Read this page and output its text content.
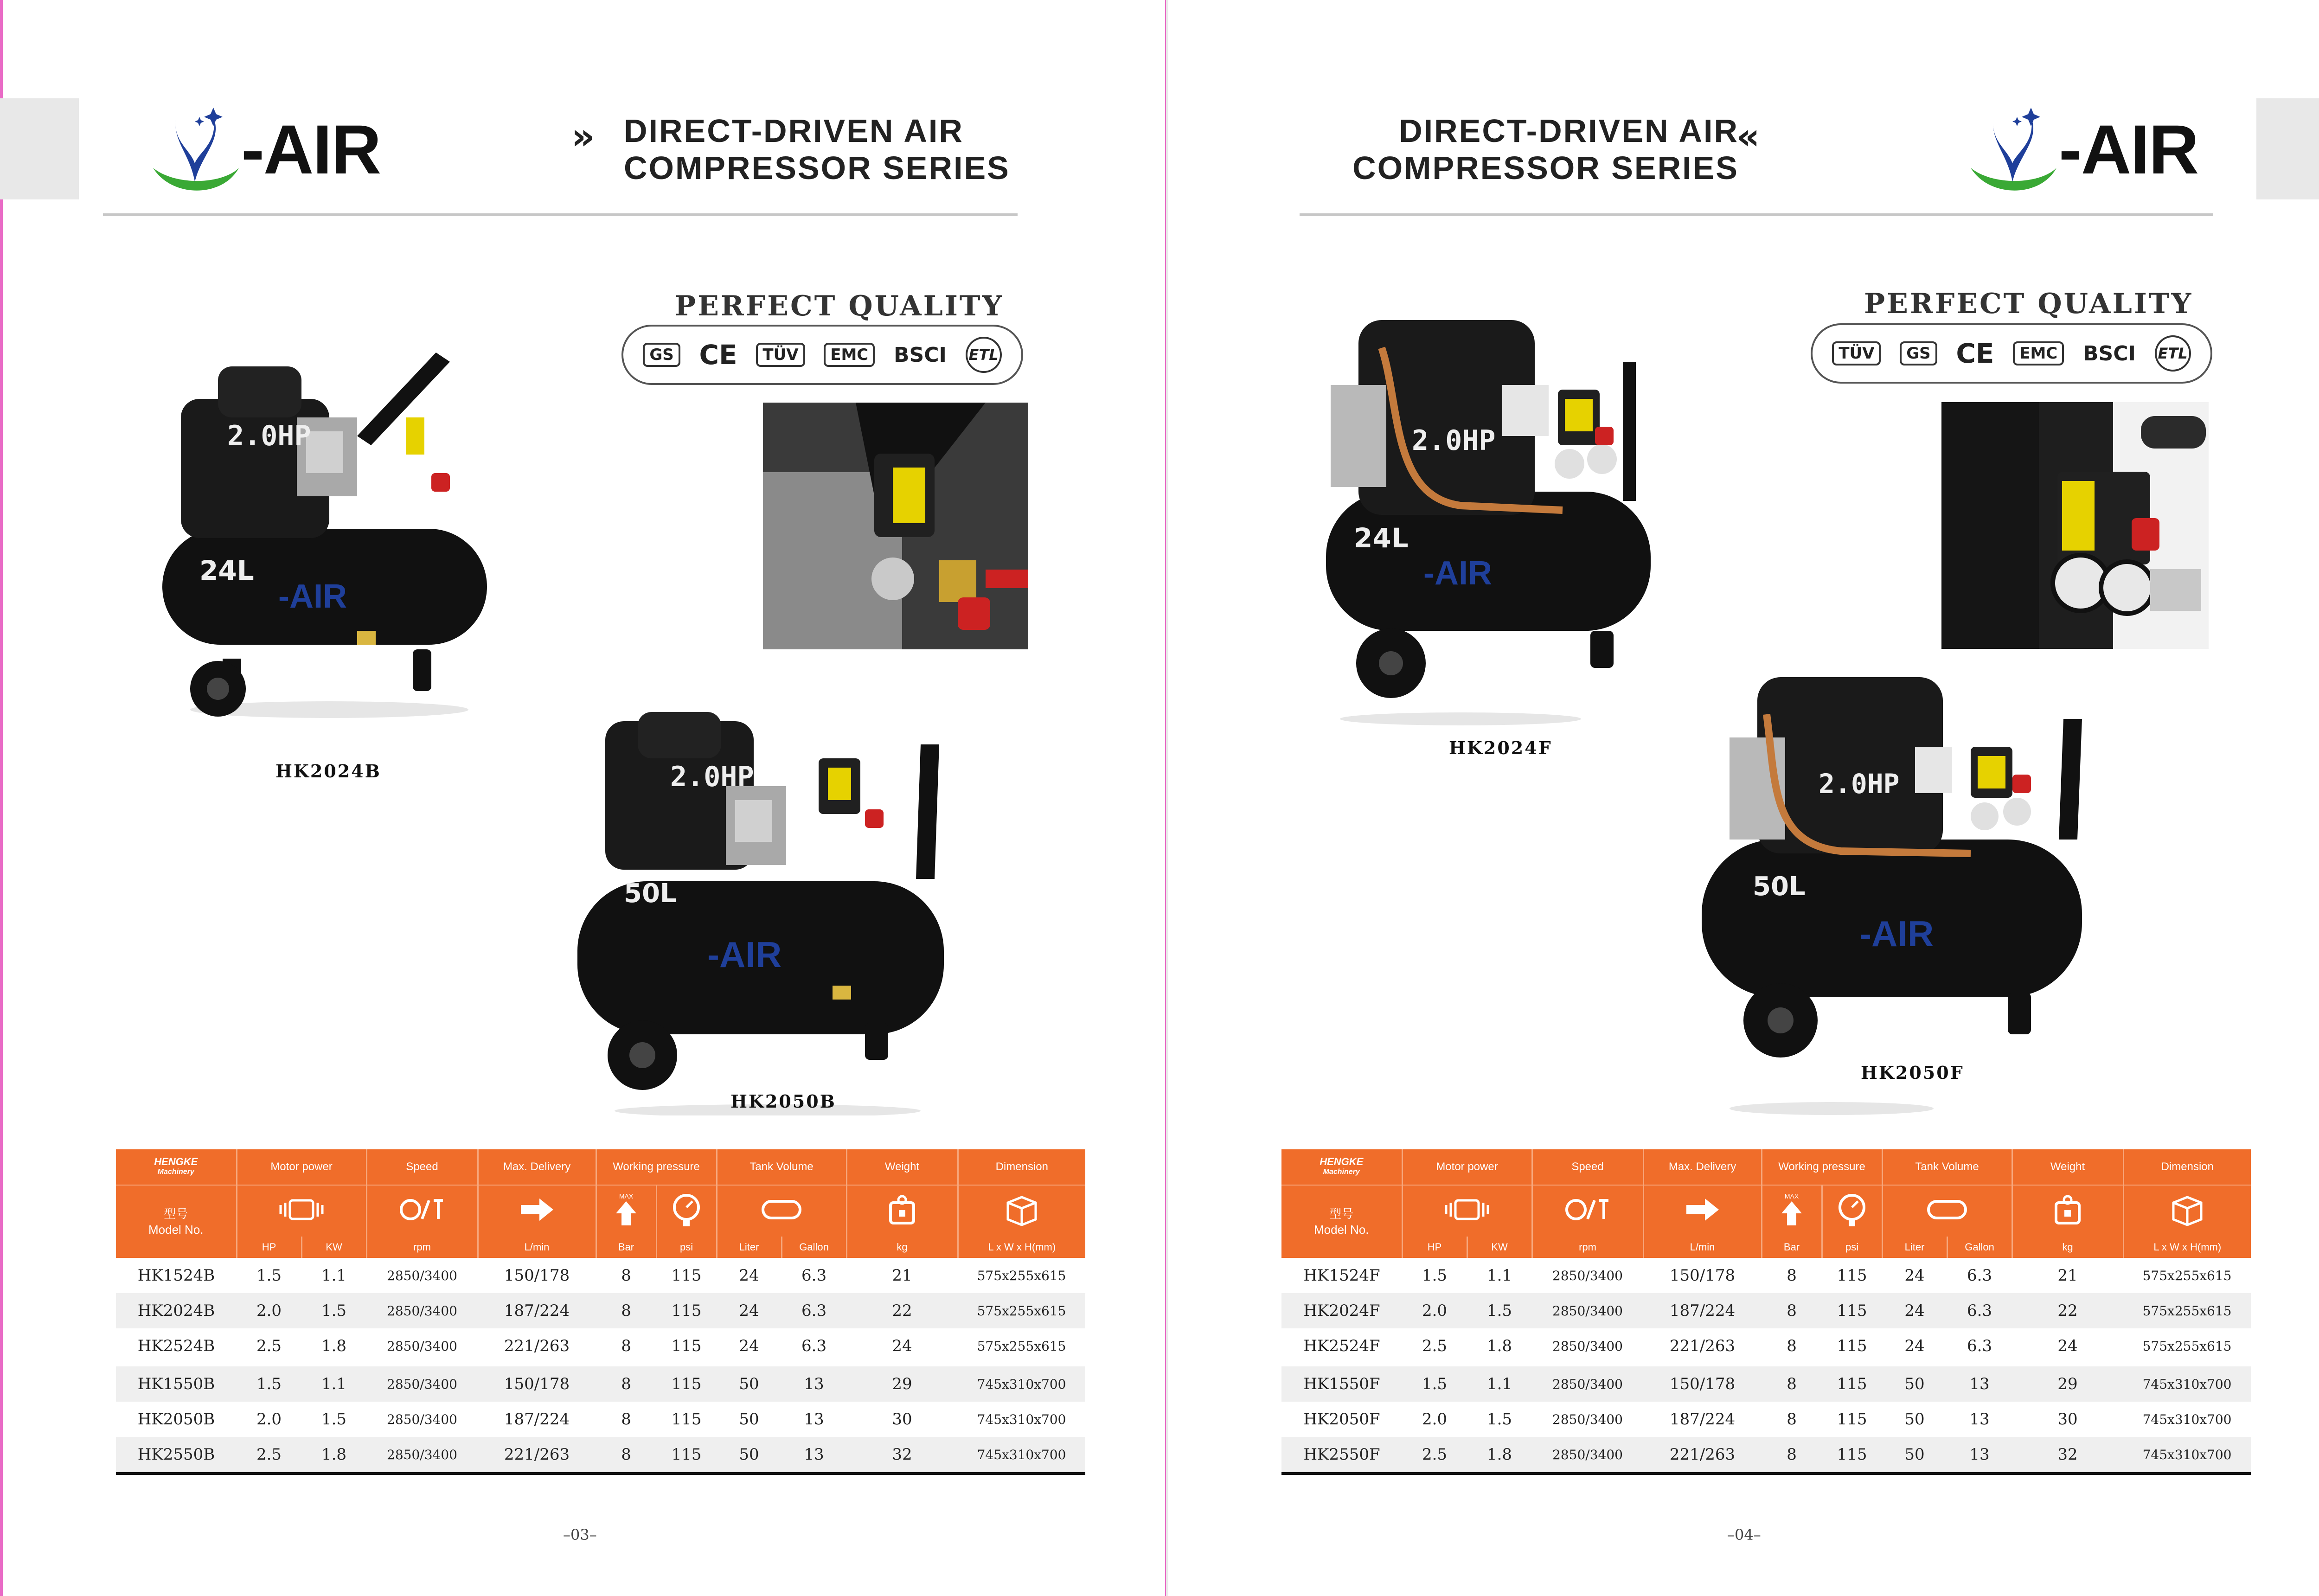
-AIR	» DIRECT-DRIVEN AIR
COMPRESSOR SERIES
PERFECT QUALITY
GS CE	TÜV	EMC	BSCI ETL
2.0HP
24L
-AIR
HK2024B	2.0HP
50L
-AIR
HK2050B
HENGKE
Machinery	Motor power		Speed	Max. Delivery	Working pressure		Tank Volume		Weight	Dimension

型号
Model No.					MAX

	HP	KW	rpm	L/min	Bar	psi	Liter	Gallon	kg	L x W x H(mm)
HK1524B	1.5	1.1	2850/3400	150/178	8	115	24	6.3	21	575x255x615
HK2024B	2.0	1.5	2850/3400	187/224	8	115	24	6.3	22	575x255x615
HK2524B	2.5	1.8	2850/3400	221/263	8	115	24	6.3	24	575x255x615
HK1550B	1.5	1.1	2850/3400	150/178	8	115	50	13	29	745x310x700
HK2050B	2.0	1.5	2850/3400	187/224	8	115	50	13	30	745x310x700
HK2550B	2.5	1.8	2850/3400	221/263	8	115	50	13	32	745x310x700
–03–
DIRECT-DRIVEN AIR
COMPRESSOR SERIES
«	-AIR
PERFECT QUALITY
TÜV	GS CE	EMC	BSCI ETL
2.0HP
24L
-AIR
HK2024F
2.0HP
50L
-AIR
HK2050F
HENGKE
Machinery	Motor power		Speed	Max. Delivery	Working pressure		Tank Volume		Weight	Dimension

型号
Model No.					MAX

	HP	KW	rpm	L/min	Bar	psi	Liter	Gallon	kg	L x W x H(mm)
HK1524F	1.5	1.1	2850/3400	150/178	8	115	24	6.3	21	575x255x615
HK2024F	2.0	1.5	2850/3400	187/224	8	115	24	6.3	22	575x255x615
HK2524F	2.5	1.8	2850/3400	221/263	8	115	24	6.3	24	575x255x615
HK1550F	1.5	1.1	2850/3400	150/178	8	115	50	13	29	745x310x700
HK2050F	2.0	1.5	2850/3400	187/224	8	115	50	13	30	745x310x700
HK2550F	2.5	1.8	2850/3400	221/263	8	115	50	13	32	745x310x700
–04–
